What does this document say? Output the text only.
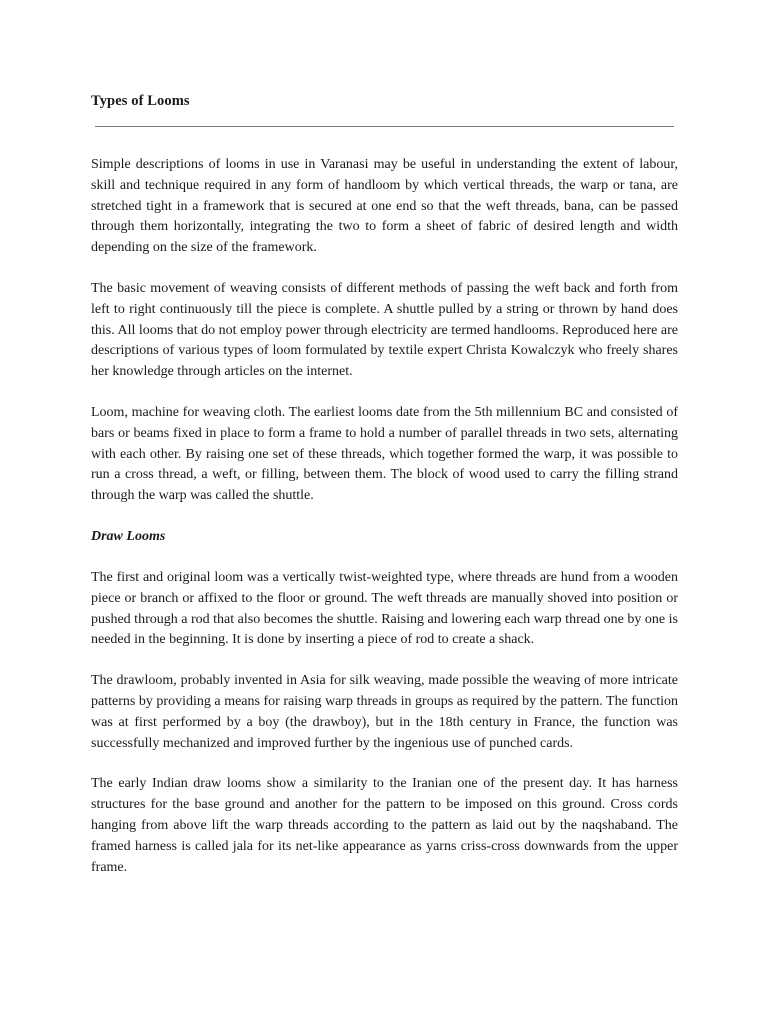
Types of Looms

Simple descriptions of looms in use in Varanasi may be useful in understanding the extent of labour, skill and technique required in any form of handloom by which vertical threads, the warp or tana, are stretched tight in a framework that is secured at one end so that the weft threads, bana, can be passed through them horizontally, integrating the two to form a sheet of fabric of desired length and width depending on the size of the framework.

The basic movement of weaving consists of different methods of passing the weft back and forth from left to right continuously till the piece is complete. A shuttle pulled by a string or thrown by hand does this. All looms that do not employ power through electricity are termed handlooms. Reproduced here are descriptions of various types of loom formulated by textile expert Christa Kowalczyk who freely shares her knowledge through articles on the internet.

Loom, machine for weaving cloth. The earliest looms date from the 5th millennium BC and consisted of bars or beams fixed in place to form a frame to hold a number of parallel threads in two sets, alternating with each other. By raising one set of these threads, which together formed the warp, it was possible to run a cross thread, a weft, or filling, between them. The block of wood used to carry the filling strand through the warp was called the shuttle.

Draw Looms

The first and original loom was a vertically twist-weighted type, where threads are hund from a wooden piece or branch or affixed to the floor or ground. The weft threads are manually shoved into position or pushed through a rod that also becomes the shuttle. Raising and lowering each warp thread one by one is needed in the beginning. It is done by inserting a piece of rod to create a shack.

The drawloom, probably invented in Asia for silk weaving, made possible the weaving of more intricate patterns by providing a means for raising warp threads in groups as required by the pattern. The function was at first performed by a boy (the drawboy), but in the 18th century in France, the function was successfully mechanized and improved further by the ingenious use of punched cards.

The early Indian draw looms show a similarity to the Iranian one of the present day. It has harness structures for the base ground and another for the pattern to be imposed on this ground. Cross cords hanging from above lift the warp threads according to the pattern as laid out by the naqshaband. The framed harness is called jala for its net-like appearance as yarns criss-cross downwards from the upper frame.
